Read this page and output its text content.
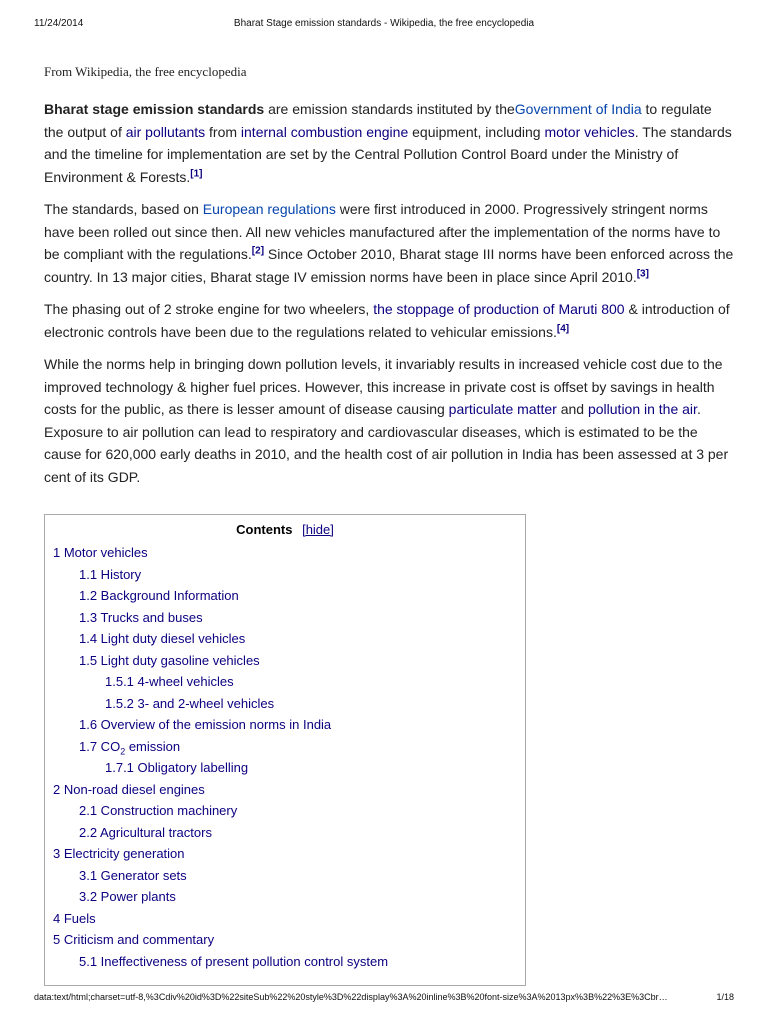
11/24/2014	Bharat Stage emission standards - Wikipedia, the free encyclopedia
From Wikipedia, the free encyclopedia

Bharat stage emission standards are emission standards instituted by theGovernment of India to regulate the output of air pollutants from internal combustion engine equipment, including motor vehicles. The standards and the timeline for implementation are set by the Central Pollution Control Board under the Ministry of Environment & Forests.[1]

The standards, based on European regulations were first introduced in 2000. Progressively stringent norms have been rolled out since then. All new vehicles manufactured after the implementation of the norms have to be compliant with the regulations.[2] Since October 2010, Bharat stage III norms have been enforced across the country. In 13 major cities, Bharat stage IV emission norms have been in place since April 2010.[3]

The phasing out of 2 stroke engine for two wheelers, the stoppage of production of Maruti 800 & introduction of electronic controls have been due to the regulations related to vehicular emissions.[4]

While the norms help in bringing down pollution levels, it invariably results in increased vehicle cost due to the improved technology & higher fuel prices. However, this increase in private cost is offset by savings in health costs for the public, as there is lesser amount of disease causing particulate matter and pollution in the air. Exposure to air pollution can lead to respiratory and cardiovascular diseases, which is estimated to be the cause for 620,000 early deaths in 2010, and the health cost of air pollution in India has been assessed at 3 per cent of its GDP.

Contents [hide]
1 Motor vehicles
1.1 History
1.2 Background Information
1.3 Trucks and buses
1.4 Light duty diesel vehicles
1.5 Light duty gasoline vehicles
1.5.1 4-wheel vehicles
1.5.2 3- and 2-wheel vehicles
1.6 Overview of the emission norms in India
1.7 $CO_2$ emission
1.7.1 Obligatory labelling
2 Non-road diesel engines
2.1 Construction machinery
2.2 Agricultural tractors
3 Electricity generation
3.1 Generator sets
3.2 Power plants
4 Fuels
5 Criticism and commentary
5.1 Ineffectiveness of present pollution control system
data:text/html;charset=utf-8,%3Cdiv%20id%3D%22siteSub%22%20style%3D%22display%3A%20inline%3B%20font-size%3A%2013px%3B%22%3E%3Cbr…	1/18
